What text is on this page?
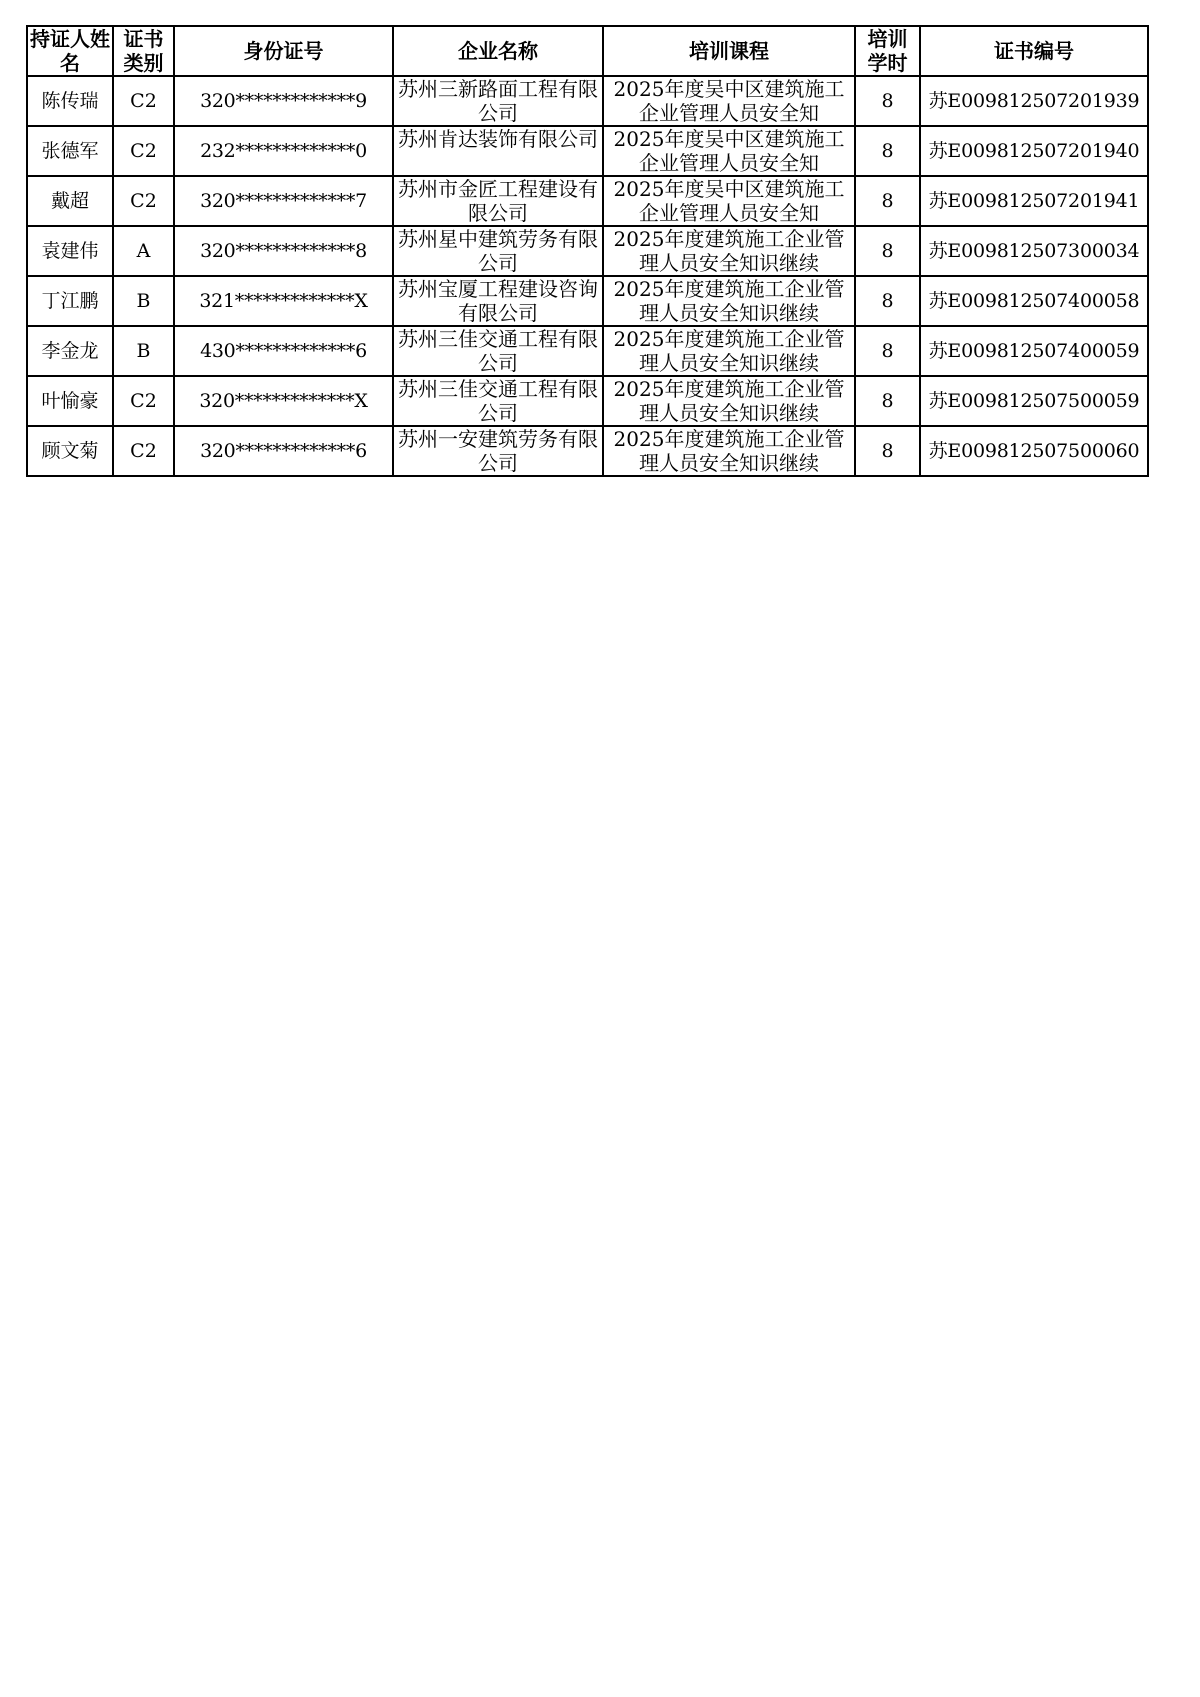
持证人姓名	证书类别	身份证号	企业名称	培训课程	培训学时	证书编号

陈传瑞	C2	320*************9	苏州三新路面工程有限公司	2025年度吴中区建筑施工企业管理人员安全知	8	苏E009812507201939

张德军	C2	232*************0	苏州肯达装饰有限公司	2025年度吴中区建筑施工企业管理人员安全知	8	苏E009812507201940

戴超	C2	320*************7	苏州市金匠工程建设有限公司	2025年度吴中区建筑施工企业管理人员安全知	8	苏E009812507201941

袁建伟	A	320*************8	苏州星中建筑劳务有限公司	2025年度建筑施工企业管理人员安全知识继续	8	苏E009812507300034

丁江鹏	B	321*************X	苏州宝厦工程建设咨询有限公司	2025年度建筑施工企业管理人员安全知识继续	8	苏E009812507400058

李金龙	B	430*************6	苏州三佳交通工程有限公司	2025年度建筑施工企业管理人员安全知识继续	8	苏E009812507400059

叶愉豪	C2	320*************X	苏州三佳交通工程有限公司	2025年度建筑施工企业管理人员安全知识继续	8	苏E009812507500059

顾文菊	C2	320*************6	苏州一安建筑劳务有限公司	2025年度建筑施工企业管理人员安全知识继续	8	苏E009812507500060
